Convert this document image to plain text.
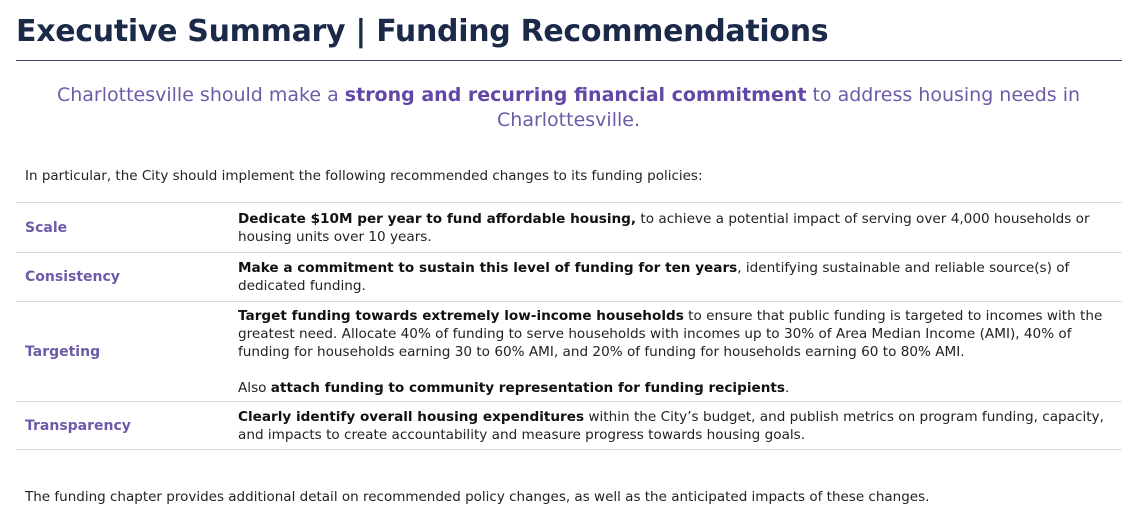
Executive Summary | Funding Recommendations
Charlottesville should make a strong and recurring financial commitment to address housing needs in Charlottesville.
In particular, the City should implement the following recommended changes to its funding policies:
Scale

Dedicate $10M per year to fund affordable housing, to achieve a potential impact of serving over 4,000 households or housing units over 10 years.

Consistency

Make a commitment to sustain this level of funding for ten years, identifying sustainable and reliable source(s) of dedicated funding.

Targeting

Target funding towards extremely low-income households to ensure that public funding is targeted to incomes with the greatest need. Allocate 40% of funding to serve households with incomes up to 30% of Area Median Income (AMI), 40% of funding for households earning 30 to 60% AMI, and 20% of funding for households earning 60 to 80% AMI.

Also attach funding to community representation for funding recipients.

Transparency

Clearly identify overall housing expenditures within the City’s budget, and publish metrics on program funding, capacity, and impacts to create accountability and measure progress towards housing goals.

The funding chapter provides additional detail on recommended policy changes, as well as the anticipated impacts of these changes.
